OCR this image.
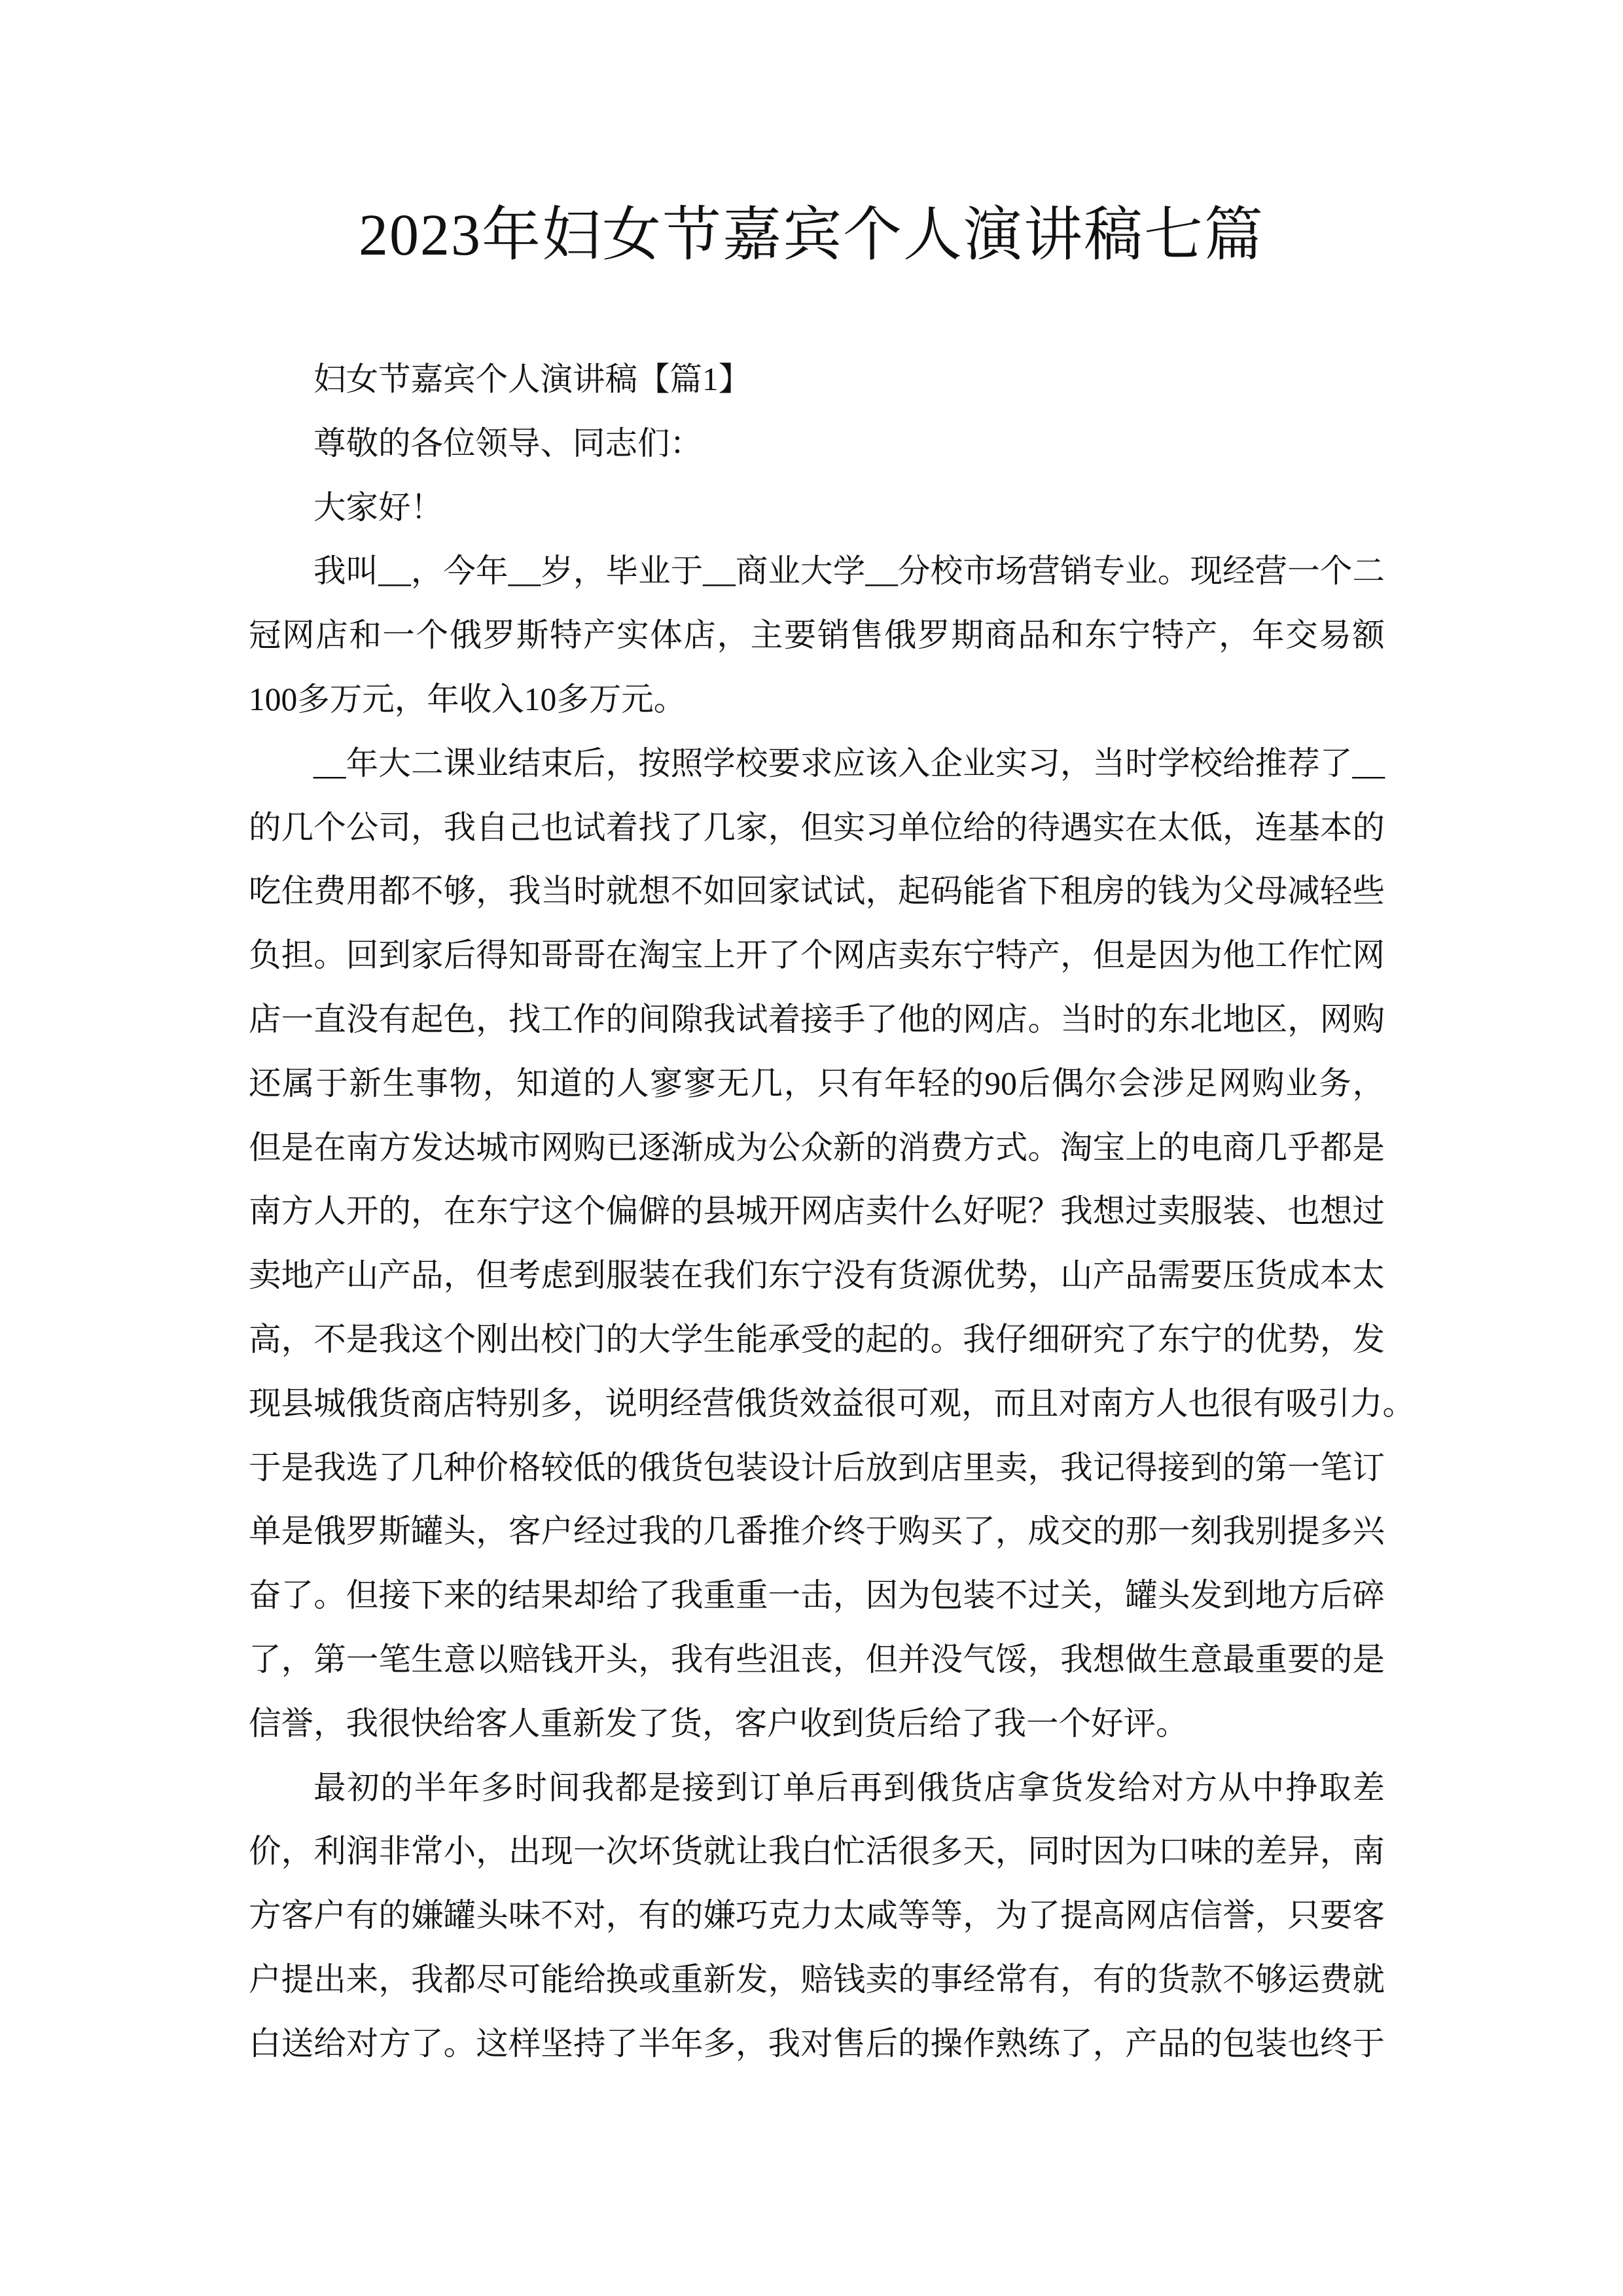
2023年妇女节嘉宾个人演讲稿七篇
妇女节嘉宾个人演讲稿【篇1】
尊敬的各位领导、同志们：
大家好！
我叫__，今年__岁，毕业于__商业大学__分校市场营销专业。现经营一个二
冠网店和一个俄罗斯特产实体店，主要销售俄罗期商品和东宁特产，年交易额
100多万元，年收入10多万元。
__年大二课业结束后，按照学校要求应该入企业实习，当时学校给推荐了__
的几个公司，我自己也试着找了几家，但实习单位给的待遇实在太低，连基本的
吃住费用都不够，我当时就想不如回家试试，起码能省下租房的钱为父母减轻些
负担。回到家后得知哥哥在淘宝上开了个网店卖东宁特产，但是因为他工作忙网
店一直没有起色，找工作的间隙我试着接手了他的网店。当时的东北地区，网购
还属于新生事物，知道的人寥寥无几，只有年轻的90后偶尔会涉足网购业务，
但是在南方发达城市网购已逐渐成为公众新的消费方式。淘宝上的电商几乎都是
南方人开的，在东宁这个偏僻的县城开网店卖什么好呢？我想过卖服装、也想过
卖地产山产品，但考虑到服装在我们东宁没有货源优势，山产品需要压货成本太
高，不是我这个刚出校门的大学生能承受的起的。我仔细研究了东宁的优势，发
现县城俄货商店特别多，说明经营俄货效益很可观，而且对南方人也很有吸引力。
于是我选了几种价格较低的俄货包装设计后放到店里卖，我记得接到的第一笔订
单是俄罗斯罐头，客户经过我的几番推介终于购买了，成交的那一刻我别提多兴
奋了。但接下来的结果却给了我重重一击，因为包装不过关，罐头发到地方后碎
了，第一笔生意以赔钱开头，我有些沮丧，但并没气馁，我想做生意最重要的是
信誉，我很快给客人重新发了货，客户收到货后给了我一个好评。
最初的半年多时间我都是接到订单后再到俄货店拿货发给对方从中挣取差
价，利润非常小，出现一次坏货就让我白忙活很多天，同时因为口味的差异，南
方客户有的嫌罐头味不对，有的嫌巧克力太咸等等，为了提高网店信誉，只要客
户提出来，我都尽可能给换或重新发，赔钱卖的事经常有，有的货款不够运费就
白送给对方了。这样坚持了半年多，我对售后的操作熟练了，产品的包装也终于
